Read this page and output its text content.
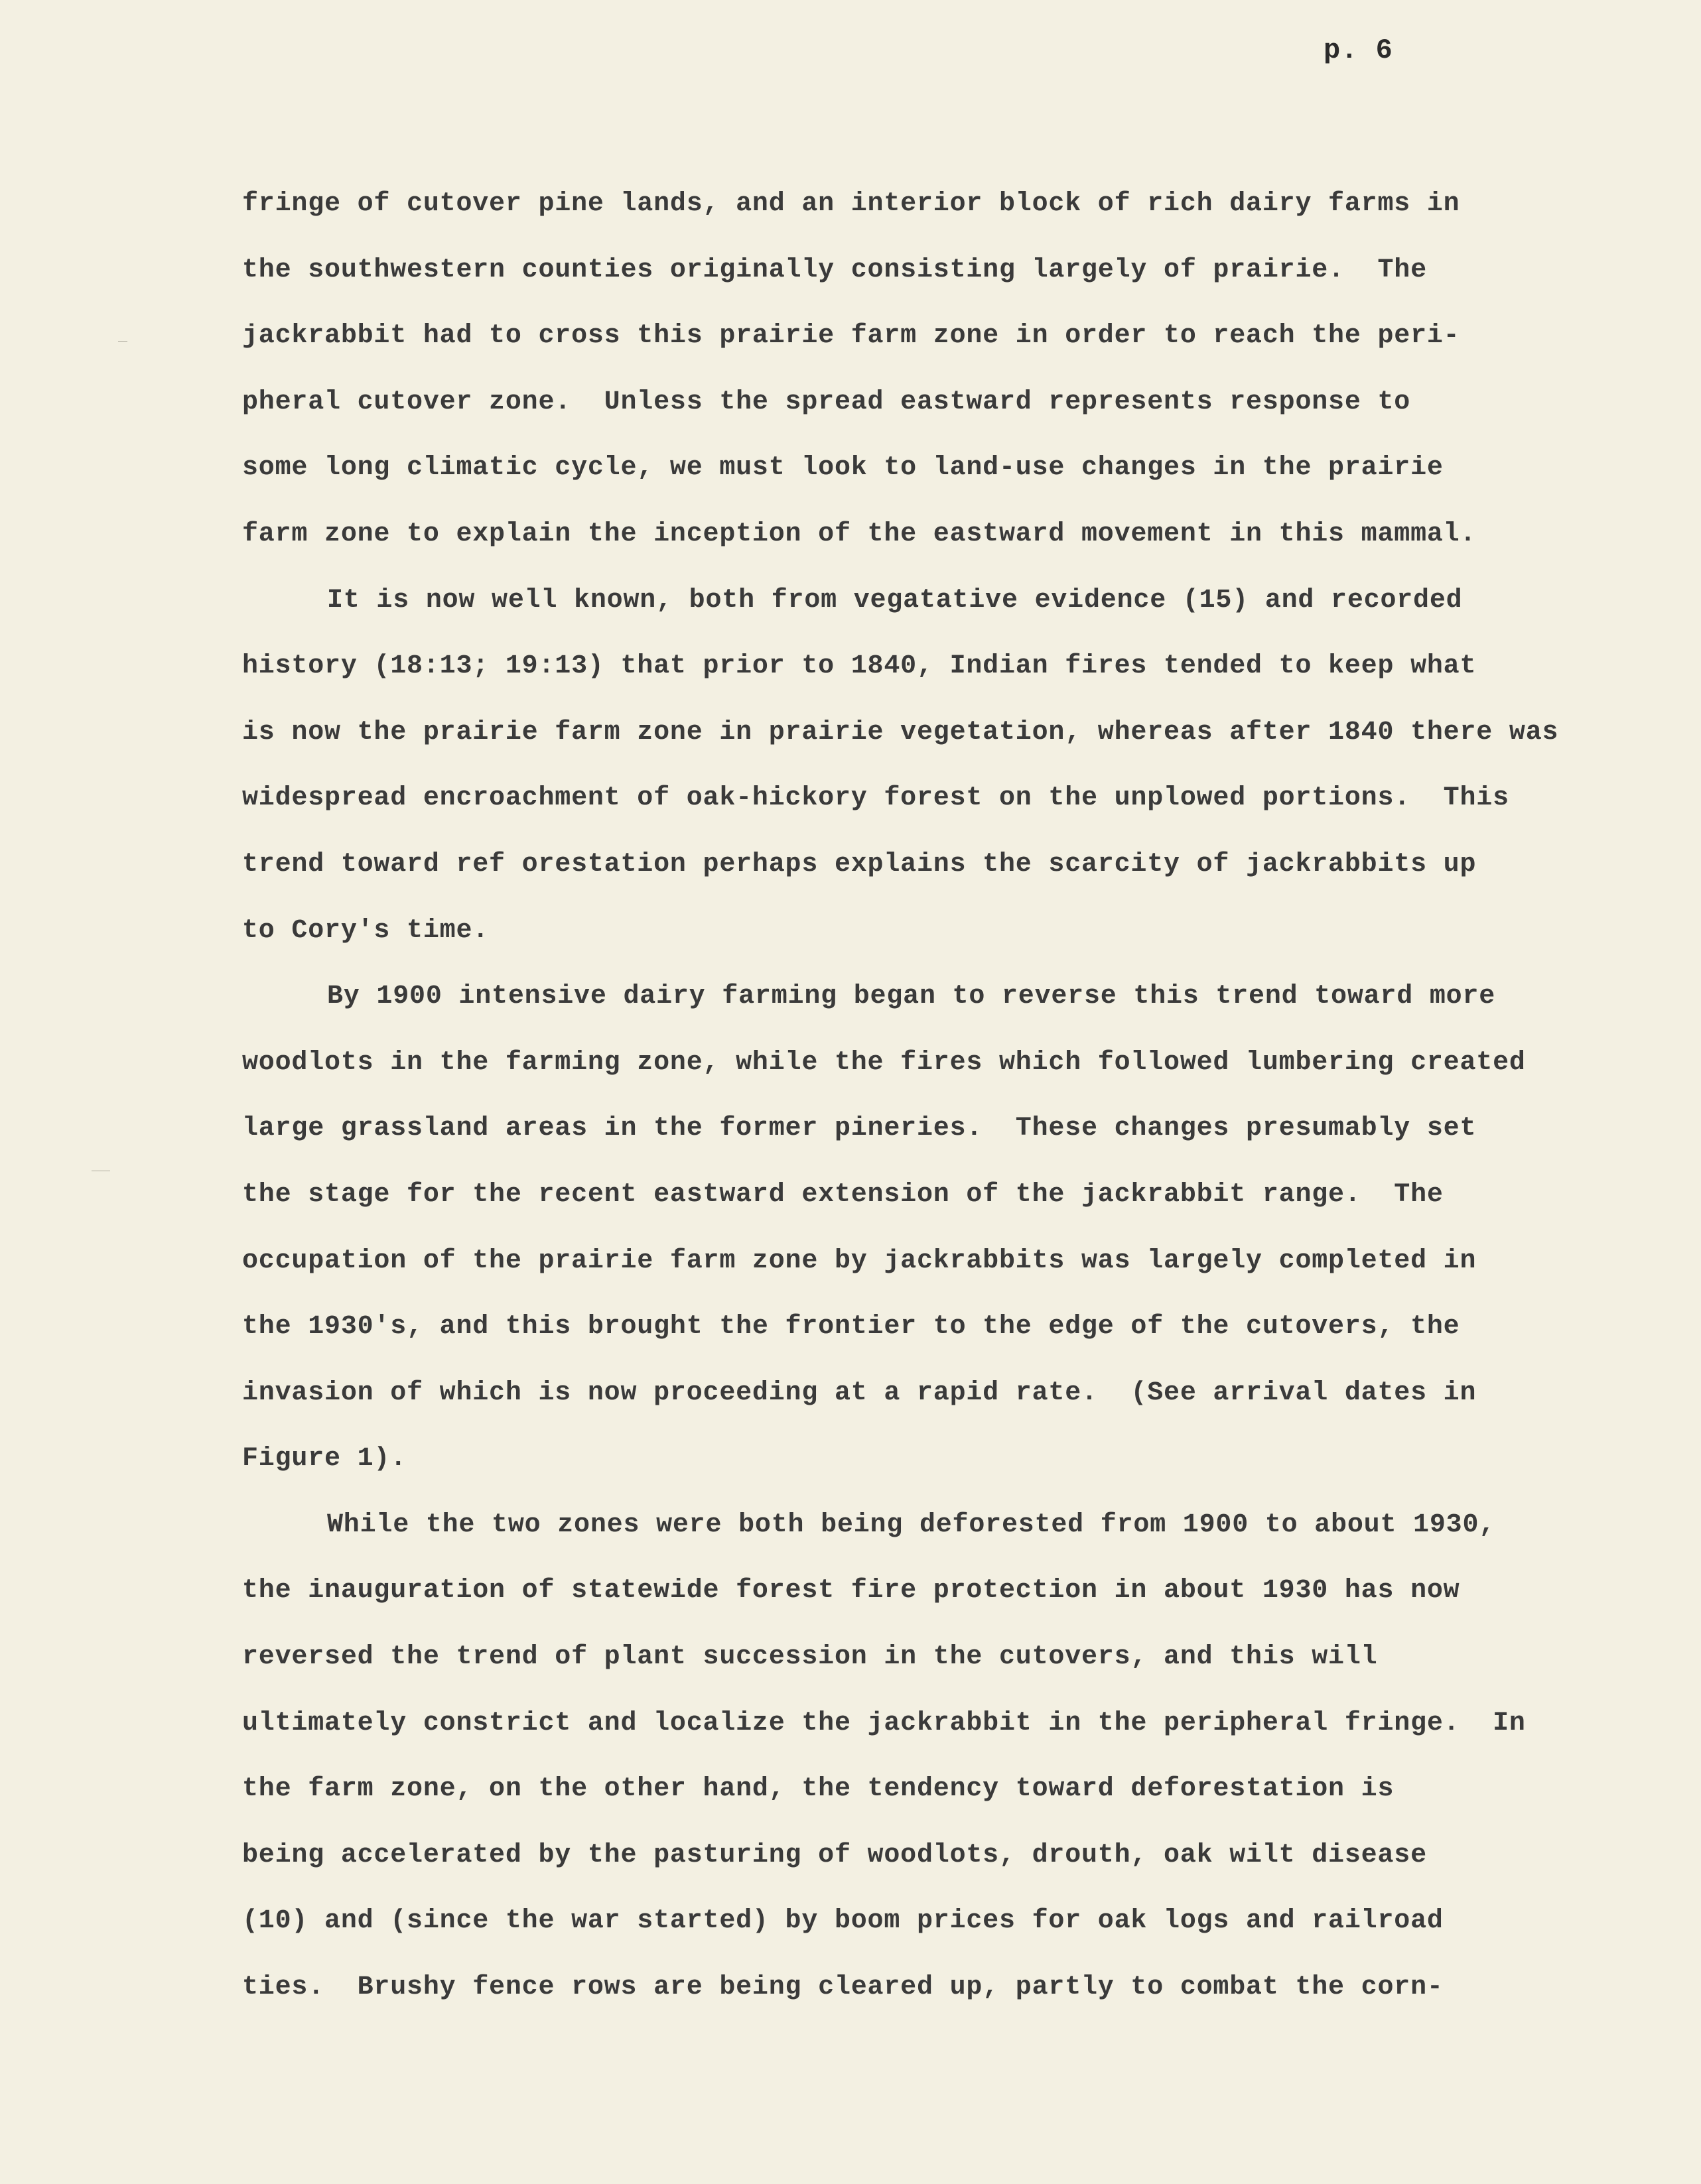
p. 6
—
——
fringe of cutover pine lands, and an interior block of rich dairy farms in
the southwestern counties originally consisting largely of prairie.  The
jackrabbit had to cross this prairie farm zone in order to reach the peri-
pheral cutover zone.  Unless the spread eastward represents response to
some long climatic cycle, we must look to land-use changes in the prairie
farm zone to explain the inception of the eastward movement in this mammal.
It is now well known, both from vegatative evidence (15) and recorded
history (18:13; 19:13) that prior to 1840, Indian fires tended to keep what
is now the prairie farm zone in prairie vegetation, whereas after 1840 there was
widespread encroachment of oak-hickory forest on the unplowed portions.  This
trend toward ref orestation perhaps explains the scarcity of jackrabbits up
to Cory's time.
By 1900 intensive dairy farming began to reverse this trend toward more
woodlots in the farming zone, while the fires which followed lumbering created
large grassland areas in the former pineries.  These changes presumably set
the stage for the recent eastward extension of the jackrabbit range.  The
occupation of the prairie farm zone by jackrabbits was largely completed in
the 1930's, and this brought the frontier to the edge of the cutovers, the
invasion of which is now proceeding at a rapid rate.  (See arrival dates in
Figure 1).
While the two zones were both being deforested from 1900 to about 1930,
the inauguration of statewide forest fire protection in about 1930 has now
reversed the trend of plant succession in the cutovers, and this will
ultimately constrict and localize the jackrabbit in the peripheral fringe.  In
the farm zone, on the other hand, the tendency toward deforestation is
being accelerated by the pasturing of woodlots, drouth, oak wilt disease
(10) and (since the war started) by boom prices for oak logs and railroad
ties.  Brushy fence rows are being cleared up, partly to combat the corn-
